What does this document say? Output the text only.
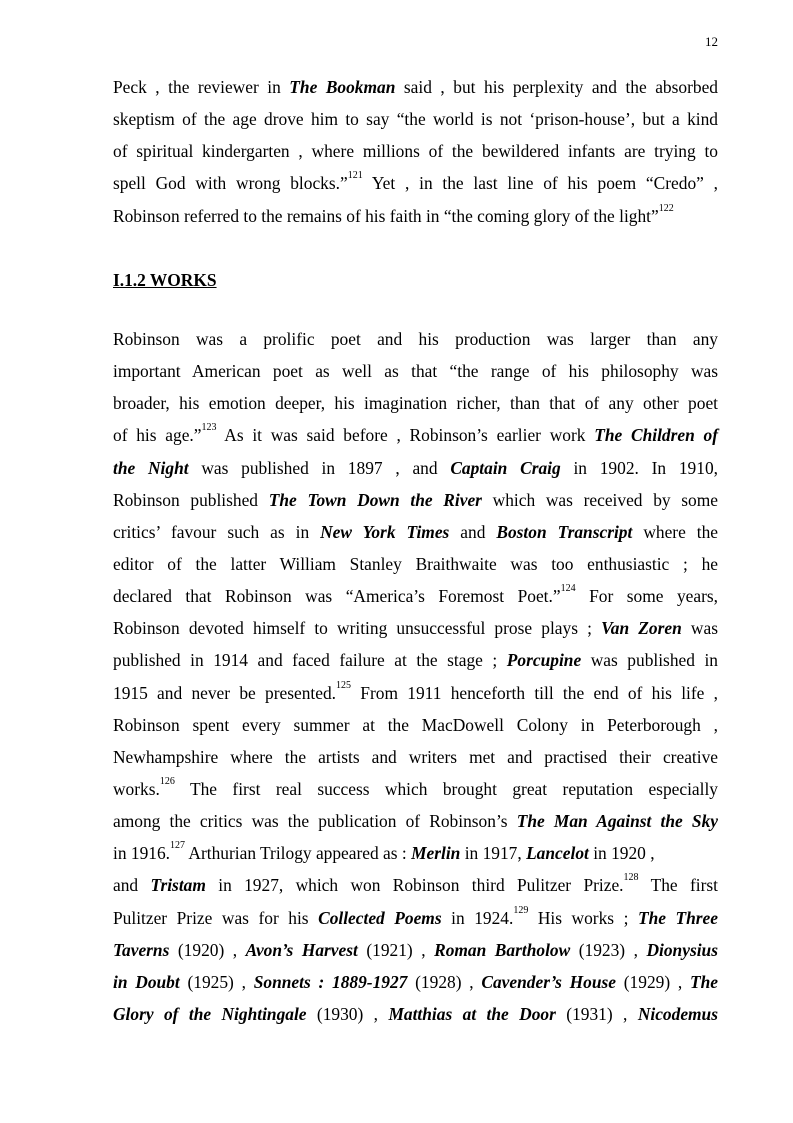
12
Peck , the reviewer in The Bookman said , but his perplexity and the absorbed
skeptism of the age drove him to say “the world is not ‘prison-house’, but a kind
of spiritual kindergarten , where millions of the bewildered infants are trying to
spell God with wrong blocks.”$^{121}$ Yet , in the last line of his poem “Credo” ,
Robinson referred to the remains of his faith in “the coming glory of the light”$^{122}$
I.1.2 WORKS
Robinson was a prolific poet and his production was larger than any
important American poet as well as that “the range of his philosophy was
broader, his emotion deeper, his imagination richer, than that of any other poet
of his age.”$^{123}$ As it was said before , Robinson’s earlier work The Children of
the Night was published in 1897 , and Captain Craig in 1902. In 1910,
Robinson published The Town Down the River which was received by some
critics’ favour such as in New York Times and Boston Transcript where the
editor of the latter William Stanley Braithwaite was too enthusiastic ; he
declared that Robinson was “America’s Foremost Poet.”$^{124}$ For some years,
Robinson devoted himself to writing unsuccessful prose plays ; Van Zoren was
published in 1914 and faced failure at the stage ; Porcupine was published in
1915 and never be presented.$^{125}$ From 1911 henceforth till the end of his life ,
Robinson spent every summer at the MacDowell Colony in Peterborough ,
Newhampshire where the artists and writers met and practised their creative
works.$^{126}$ The first real success which brought great reputation especially
among the critics was the publication of Robinson’s The Man Against the Sky
in 1916.$^{127}$ Arthurian Trilogy appeared as : Merlin in 1917, Lancelot in 1920 ,
and Tristam in 1927, which won Robinson third Pulitzer Prize.$^{128}$ The first
Pulitzer Prize was for his Collected Poems in 1924.$^{129}$ His works ; The Three
Taverns (1920) , Avon’s Harvest (1921) , Roman Bartholow (1923) , Dionysius
in Doubt (1925) , Sonnets : 1889-1927 (1928) , Cavender’s House (1929) , The
Glory of the Nightingale (1930) , Matthias at the Door (1931) , Nicodemus
